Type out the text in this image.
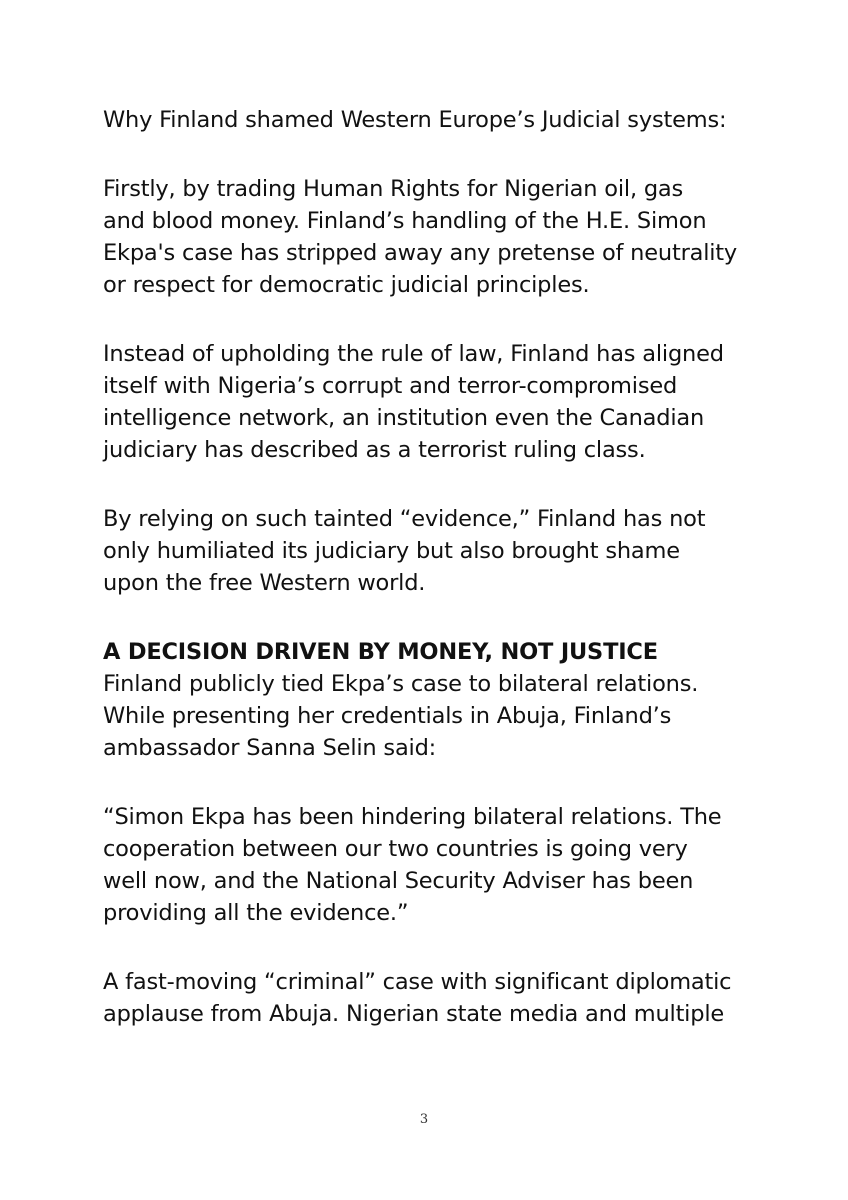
Why Finland shamed Western Europe’s Judicial systems:
Firstly, by trading Human Rights for Nigerian oil, gas
and blood money. Finland’s handling of the H.E. Simon
Ekpa's case has stripped away any pretense of neutrality
or respect for democratic judicial principles.
Instead of upholding the rule of law, Finland has aligned
itself with Nigeria’s corrupt and terror-compromised
intelligence network, an institution even the Canadian
judiciary has described as a terrorist ruling class.
By relying on such tainted “evidence,” Finland has not
only humiliated its judiciary but also brought shame
upon the free Western world.
A DECISION DRIVEN BY MONEY, NOT JUSTICE
Finland publicly tied Ekpa’s case to bilateral relations.
While presenting her credentials in Abuja, Finland’s
ambassador Sanna Selin said:
“Simon Ekpa has been hindering bilateral relations. The
cooperation between our two countries is going very
well now, and the National Security Adviser has been
providing all the evidence.”
A fast-moving “criminal” case with significant diplomatic
applause from Abuja. Nigerian state media and multiple
3
